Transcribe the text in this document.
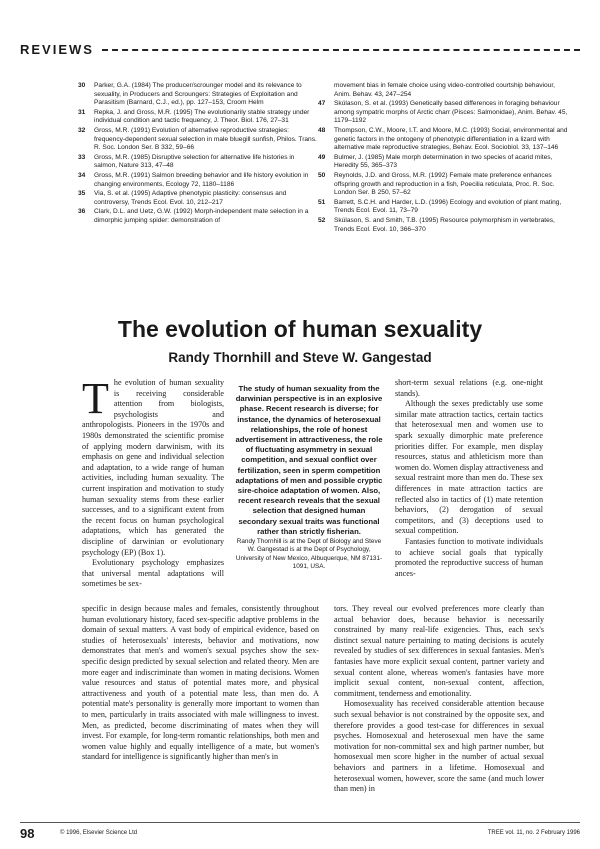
REVIEWS
30	Parker, G.A. (1984) The producer/scrounger model and its relevance to sexuality, in Producers and Scroungers: Strategies of Exploitation and Parasitism (Barnard, C.J., ed.), pp. 127–153, Croom Helm
31	Repka, J. and Gross, M.R. (1995) The evolutionarily stable strategy under individual condition and tactic frequency, J. Theor. Biol. 176, 27–31
32	Gross, M.R. (1991) Evolution of alternative reproductive strategies: frequency-dependent sexual selection in male bluegill sunfish, Philos. Trans. R. Soc. London Ser. B 332, 59–66
33	Gross, M.R. (1985) Disruptive selection for alternative life histories in salmon, Nature 313, 47–48
34	Gross, M.R. (1991) Salmon breeding behavior and life history evolution in changing environments, Ecology 72, 1180–1186
35	Via, S. et al. (1995) Adaptive phenotypic plasticity: consensus and controversy, Trends Ecol. Evol. 10, 212–217
36	Clark, D.L. and Uetz, G.W. (1992) Morph-independent mate selection in a dimorphic jumping spider: demonstration of
movement bias in female choice using video-controlled courtship behaviour, Anim. Behav. 43, 247–254
47	Skúlason, S. et al. (1993) Genetically based differences in foraging behaviour among sympatric morphs of Arctic charr (Pisces: Salmonidae), Anim. Behav. 45, 1179–1192
48	Thompson, C.W., Moore, I.T. and Moore, M.C. (1993) Social, environmental and genetic factors in the ontogeny of phenotypic differentiation in a lizard with alternative male reproductive strategies, Behav. Ecol. Sociobiol. 33, 137–146
49	Bulmer, J. (1985) Male morph determination in two species of acarid mites, Heredity 55, 365–373
50	Reynolds, J.D. and Gross, M.R. (1992) Female mate preference enhances offspring growth and reproduction in a fish, Poecilia reticulata, Proc. R. Soc. London Ser. B 250, 57–62
51	Barrett, S.C.H. and Harder, L.D. (1996) Ecology and evolution of plant mating, Trends Ecol. Evol. 11, 73–79
52	Skúlason, S. and Smith, T.B. (1995) Resource polymorphism in vertebrates, Trends Ecol. Evol. 10, 366–370
The evolution of human sexuality
Randy Thornhill and Steve W. Gangestad

The evolution of human sexuality is receiving considerable attention from biologists, psychologists and anthropologists. Pioneers in the 1970s and 1980s demonstrated the scientific promise of applying modern darwinism, with its emphasis on gene and individual selection and adaptation, to a wide range of human activities, including human sexuality. The current inspiration and motivation to study human sexuality stems from these earlier successes, and to a significant extent from the recent focus on human psychological adaptations, which has generated the discipline of darwinian or evolutionary psychology (EP) (Box 1).

Evolutionary psychology emphasizes that universal mental adaptations will sometimes be sex-

The study of human sexuality from the darwinian perspective is in an explosive phase. Recent research is diverse; for instance, the dynamics of heterosexual relationships, the role of honest advertisement in attractiveness, the role of fluctuating asymmetry in sexual competition, and sexual conflict over fertilization, seen in sperm competition adaptations of men and possible cryptic sire-choice adaptation of women. Also, recent research reveals that the sexual selection that designed human secondary sexual traits was functional rather than strictly fisherian.

Randy Thornhill is at the Dept of Biology and Steve W. Gangestad is at the Dept of Psychology, University of New Mexico, Albuquerque, NM 87131-1091, USA.

short-term sexual relations (e.g. one-night stands).

Although the sexes predictably use some similar mate attraction tactics, certain tactics that heterosexual men and women use to spark sexually dimorphic mate preference priorities differ. For example, men display resources, status and athleticism more than women do. Women display attractiveness and sexual restraint more than men do. These sex differences in mate attraction tactics are reflected also in tactics of (1) mate retention behaviors, (2) derogation of sexual competitors, and (3) deceptions used to sexual competition.

Fantasies function to motivate individuals to achieve social goals that typically promoted the reproductive success of human ances-

specific in design because males and females, consistently throughout human evolutionary history, faced sex-specific adaptive problems in the domain of sexual matters. A vast body of empirical evidence, based on studies of heterosexuals' interests, behavior and motivations, now demonstrates that men's and women's sexual psyches show the sex-specific design predicted by sexual selection and related theory. Men are more eager and indiscriminate than women in mating decisions. Women value resources and status of potential mates more, and physical attractiveness and youth of a potential mate less, than men do. A potential mate's personality is generally more important to women than to men, particularly in traits associated with male willingness to invest. Men, as predicted, become discriminating of mates when they will invest. For example, for long-term romantic relationships, both men and women value highly and equally intelligence of a mate, but women's standard for intelligence is significantly higher than men's in

tors. They reveal our evolved preferences more clearly than actual behavior does, because behavior is necessarily constrained by many real-life exigencies. Thus, each sex's distinct sexual nature pertaining to mating decisions is acutely revealed by studies of sex differences in sexual fantasies. Men's fantasies have more explicit sexual content, partner variety and sexual content alone, whereas women's fantasies have more implicit sexual content, non-sexual content, affection, commitment, tenderness and emotionality.

Homosexuality has received considerable attention because such sexual behavior is not constrained by the opposite sex, and therefore provides a good test-case for differences in sexual psyches. Homosexual and heterosexual men have the same motivation for non-committal sex and high partner number, but homosexual men score higher in the number of actual sexual behaviors and partners in a lifetime. Homosexual and heterosexual women, however, score the same (and much lower than men) in

98	© 1996, Elsevier Science Ltd	TREE vol. 11, no. 2 February 1996
